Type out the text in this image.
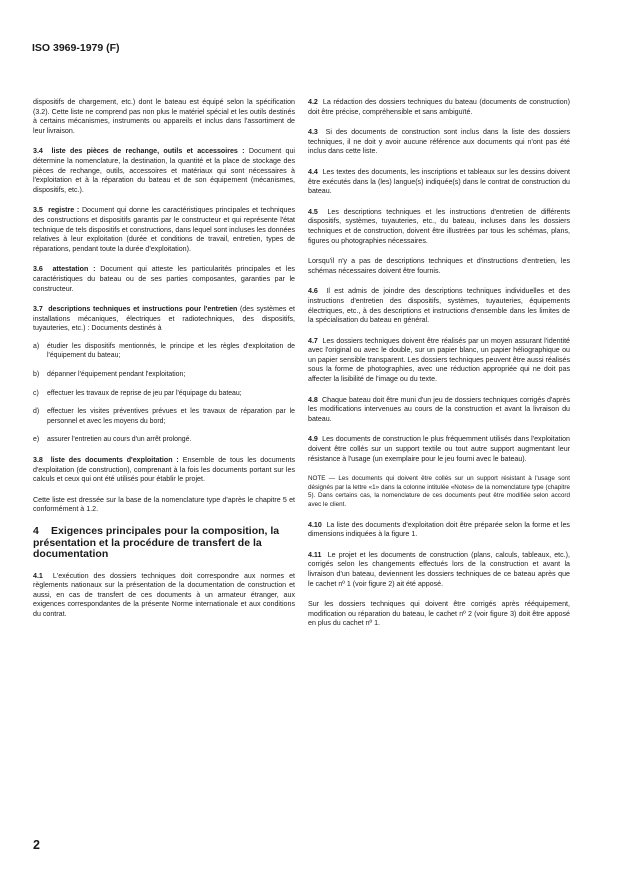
ISO 3969-1979 (F)

dispositifs de chargement, etc.) dont le bateau est équipé selon la spécification (3.2). Cette liste ne comprend pas non plus le matériel spécial et les outils destinés à certains mécanismes, instruments ou appareils et inclus dans l'assortiment de leur livraison.

3.4 liste des pièces de rechange, outils et accessoires : Document qui détermine la nomenclature, la destination, la quantité et la place de stockage des pièces de rechange, outils, accessoires et matériaux qui sont nécessaires à l'exploitation et à la réparation du bateau et de son équipement (mécanismes, dispositifs, etc.).

3.5 registre : Document qui donne les caractéristiques principales et techniques des constructions et dispositifs garantis par le constructeur et qui représente l'état technique de tels dispositifs et constructions, dans lequel sont incluses les données relatives à leur exploitation (durée et conditions de travail, entretien, types de réparations, pendant toute la durée d'exploitation).

3.6 attestation : Document qui atteste les particularités principales et les caractéristiques du bateau ou de ses parties composantes, garanties par le constructeur.

3.7 descriptions techniques et instructions pour l'entretien (des systèmes et installations mécaniques, électriques et radiotechniques, des dispositifs, tuyauteries, etc.) : Documents destinés à

a) étudier les dispositifs mentionnés, le principe et les règles d'exploitation de l'équipement du bateau;

b) dépanner l'équipement pendant l'exploitation;

c) effectuer les travaux de reprise de jeu par l'équipage du bateau;

d) effectuer les visites préventives prévues et les travaux de réparation par le personnel et avec les moyens du bord;

e) assurer l'entretien au cours d'un arrêt prolongé.

3.8 liste des documents d'exploitation : Ensemble de tous les documents d'exploitation (de construction), comprenant à la fois les documents portant sur les calculs et ceux qui ont été utilisés pour établir le projet.

Cette liste est dressée sur la base de la nomenclature type d'après le chapitre 5 et conformément à 1.2.

4 Exigences principales pour la composition, la présentation et la procédure de transfert de la documentation

4.1 L'exécution des dossiers techniques doit correspondre aux normes et règlements nationaux sur la présentation de la documentation de construction et aussi, en cas de transfert de ces documents à un armateur étranger, aux exigences correspondantes de la présente Norme internationale et aux conditions du contrat.

4.2 La rédaction des dossiers techniques du bateau (documents de construction) doit être précise, compréhensible et sans ambiguïté.

4.3 Si des documents de construction sont inclus dans la liste des dossiers techniques, il ne doit y avoir aucune référence aux documents qui n'ont pas été inclus dans cette liste.

4.4 Les textes des documents, les inscriptions et tableaux sur les dessins doivent être exécutés dans la (les) langue(s) indiquée(s) dans le contrat de construction du bateau.

4.5 Les descriptions techniques et les instructions d'entretien de différents dispositifs, systèmes, tuyauteries, etc., du bateau, incluses dans les dossiers techniques et de construction, doivent être illustrées par tous les schémas, plans, figures ou photographies nécessaires.

Lorsqu'il n'y a pas de descriptions techniques et d'instructions d'entretien, les schémas nécessaires doivent être fournis.

4.6 Il est admis de joindre des descriptions techniques individuelles et des instructions d'entretien des dispositifs, systèmes, tuyauteries, équipements électriques, etc., à des descriptions et instructions d'ensemble dans les limites de la spécialisation du bateau en général.

4.7 Les dossiers techniques doivent être réalisés par un moyen assurant l'identité avec l'original ou avec le double, sur un papier blanc, un papier héliographique ou un papier sensible transparent. Les dossiers techniques peuvent être aussi réalisés sous la forme de photographies, avec une réduction appropriée qui ne doit pas affecter la lisibilité de l'image ou du texte.

4.8 Chaque bateau doit être muni d'un jeu de dossiers techniques corrigés d'après les modifications intervenues au cours de la construction et avant la livraison du bateau.

4.9 Les documents de construction le plus fréquemment utilisés dans l'exploitation doivent être collés sur un support textile ou tout autre support augmentant leur résistance à l'usage (un exemplaire pour le jeu fourni avec le bateau).

NOTE — Les documents qui doivent être collés sur un support résistant à l'usage sont désignés par la lettre «1» dans la colonne intitulée «Notes» de la nomenclature type (chapitre 5). Dans certains cas, la nomenclature de ces documents peut être modifiée selon accord avec le client.

4.10 La liste des documents d'exploitation doit être préparée selon la forme et les dimensions indiquées à la figure 1.

4.11 Le projet et les documents de construction (plans, calculs, tableaux, etc.), corrigés selon les changements effectués lors de la construction et avant la livraison d'un bateau, deviennent les dossiers techniques de ce bateau après que le cachet nº 1 (voir figure 2) ait été apposé.

Sur les dossiers techniques qui doivent être corrigés après rééquipement, modification ou réparation du bateau, le cachet nº 2 (voir figure 3) doit être apposé en plus du cachet nº 1.

2
